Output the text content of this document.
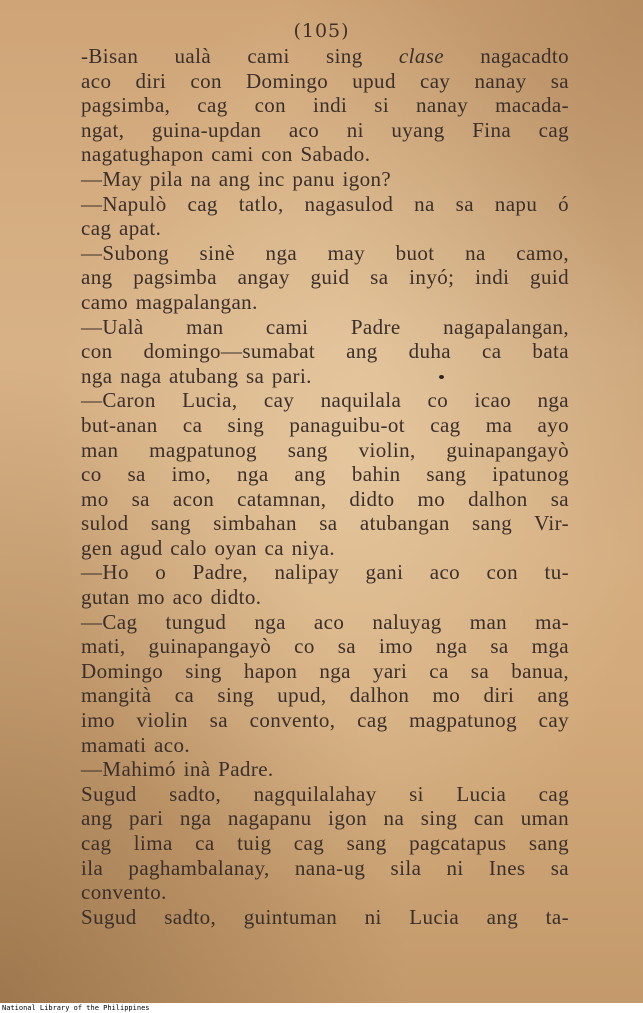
(105)
-Bisan ualà cami sing clase nagacadto
aco diri con Domingo upud cay nanay sa
pagsimba, cag con indi si nanay macada-
ngat, guina-updan aco ni uyang Fina cag
nagatughapon cami con Sabado.
—May pila na ang inc panu igon?
—Napulò cag tatlo, nagasulod na sa napu ó
cag apat.
—Subong sinè nga may buot na camo,
ang pagsimba angay guid sa inyó; indi guid
camo magpalangan.
—Ualà man cami Padre nagapalangan,
con domingo—sumabat ang duha ca bata
nga naga atubang sa pari.
—Caron Lucia, cay naquilala co icao nga
but-anan ca sing panaguibu-ot cag ma ayo
man magpatunog sang violin, guinapangayò
co sa imo, nga ang bahin sang ipatunog
mo sa acon catamnan, didto mo dalhon sa
sulod sang simbahan sa atubangan sang Vir-
gen agud calo oyan ca niya.
—Ho o Padre, nalipay gani aco con tu-
gutan mo aco didto.
—Cag tungud nga aco naluyag man ma-
mati, guinapangayò co sa imo nga sa mga
Domingo sing hapon nga yari ca sa banua,
mangità ca sing upud, dalhon mo diri ang
imo violin sa convento, cag magpatunog cay
mamati aco.
—Mahimó inà Padre.
Sugud sadto, nagquilalahay si Lucia cag
ang pari nga nagapanu igon na sing can uman
cag lima ca tuig cag sang pagcatapus sang
ila paghambalanay, nana-ug sila ni Ines sa
convento.
Sugud sadto, guintuman ni Lucia ang ta-
National Library of the Philippines
